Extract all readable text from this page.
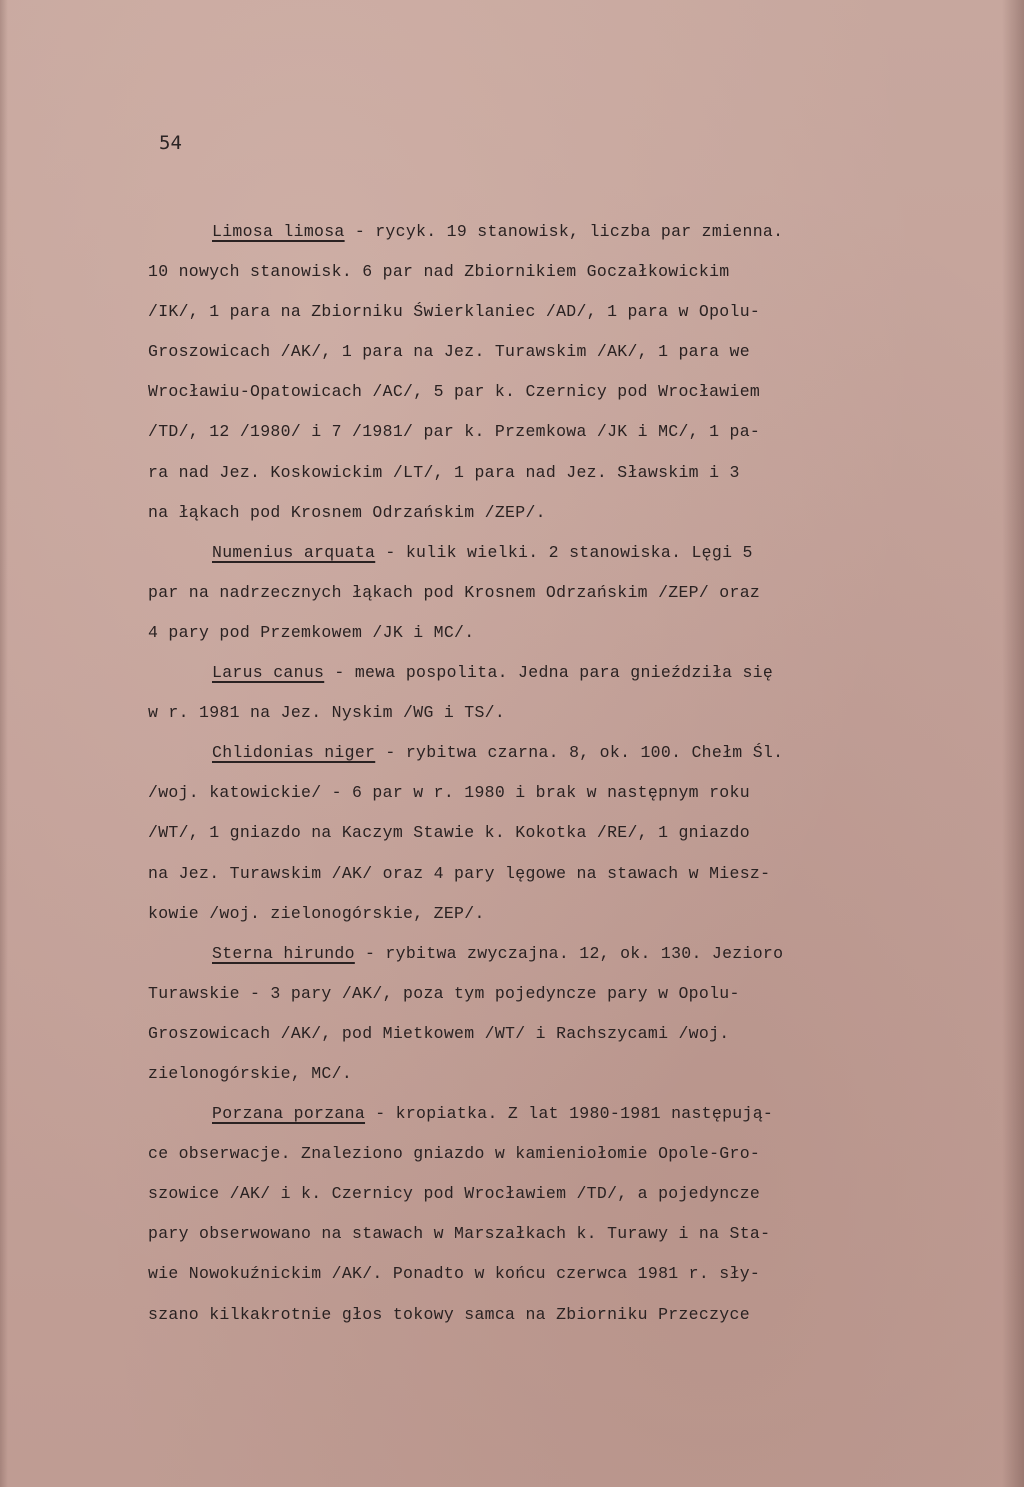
54
Limosa limosa - rycyk. 19 stanowisk, liczba par zmienna.
10 nowych stanowisk. 6 par nad Zbiornikiem Goczałkowickim
/IK/, 1 para na Zbiorniku Świerklaniec /AD/, 1 para w Opolu-
Groszowicach /AK/, 1 para na Jez. Turawskim /AK/, 1 para we
Wrocławiu-Opatowicach /AC/, 5 par k. Czernicy pod Wrocławiem
/TD/, 12 /1980/ i 7 /1981/ par k. Przemkowa /JK i MC/, 1 pa-
ra nad Jez. Koskowickim /LT/, 1 para nad Jez. Sławskim i 3
na łąkach pod Krosnem Odrzańskim /ZEP/.
Numenius arquata - kulik wielki. 2 stanowiska. Lęgi 5
par na nadrzecznych łąkach pod Krosnem Odrzańskim /ZEP/ oraz
4 pary pod Przemkowem /JK i MC/.
Larus canus - mewa pospolita. Jedna para gnieździła się
w r. 1981 na Jez. Nyskim /WG i TS/.
Chlidonias niger - rybitwa czarna. 8, ok. 100. Chełm Śl.
/woj. katowickie/ - 6 par w r. 1980 i brak w następnym roku
/WT/, 1 gniazdo na Kaczym Stawie k. Kokotka /RE/, 1 gniazdo
na Jez. Turawskim /AK/ oraz 4 pary lęgowe na stawach w Miesz-
kowie /woj. zielonogórskie, ZEP/.
Sterna hirundo - rybitwa zwyczajna. 12, ok. 130. Jezioro
Turawskie - 3 pary /AK/, poza tym pojedyncze pary w Opolu-
Groszowicach /AK/, pod Mietkowem /WT/ i Rachszycami /woj.
zielonogórskie, MC/.
Porzana porzana - kropiatka. Z lat 1980-1981 następują-
ce obserwacje. Znaleziono gniazdo w kamieniołomie Opole-Gro-
szowice /AK/ i k. Czernicy pod Wrocławiem /TD/, a pojedyncze
pary obserwowano na stawach w Marszałkach k. Turawy i na Sta-
wie Nowokuźnickim /AK/. Ponadto w końcu czerwca 1981 r. sły-
szano kilkakrotnie głos tokowy samca na Zbiorniku Przeczyce
